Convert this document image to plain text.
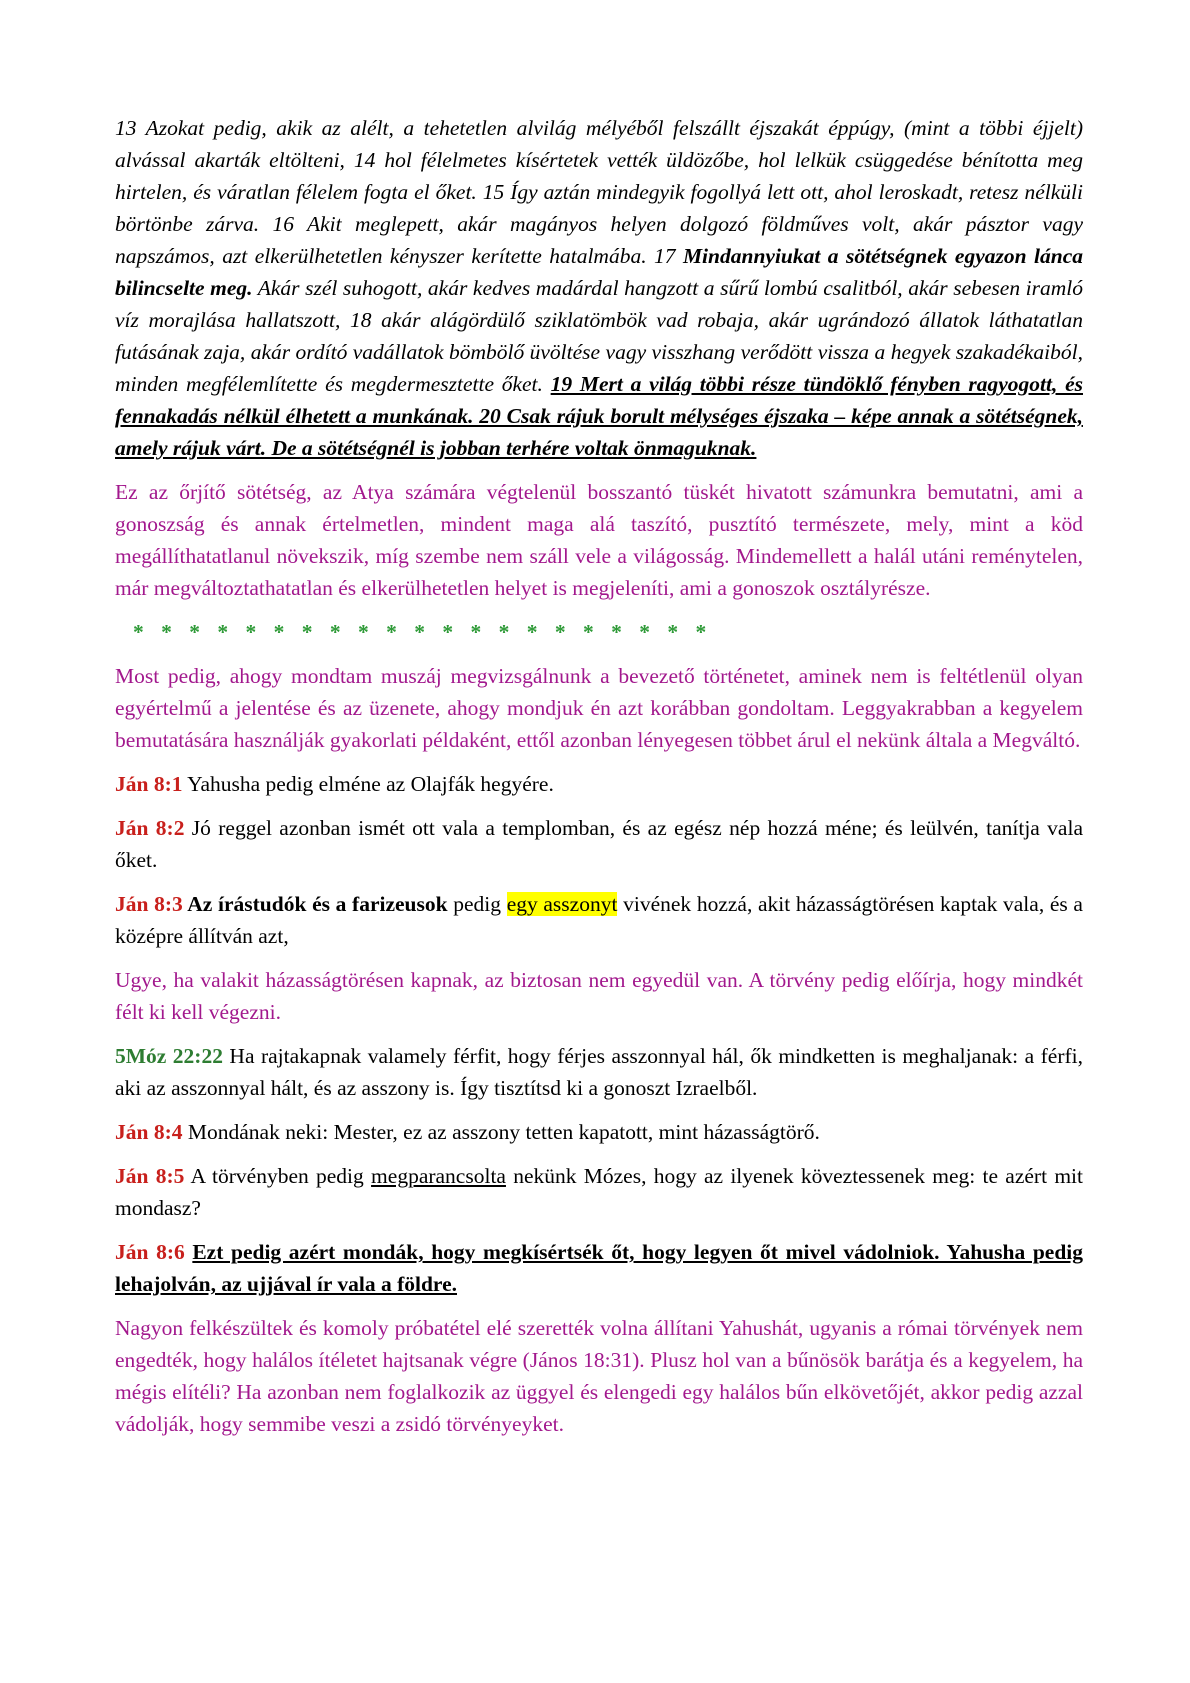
13 Azokat pedig, akik az alélt, a tehetetlen alvilág mélyéből felszállt éjszakát éppúgy, (mint a többi éjjelt) alvással akarták eltölteni, 14 hol félelmetes kísértetek vették üldözőbe, hol lelkük csüggedése bénította meg hirtelen, és váratlan félelem fogta el őket. 15 Így aztán mindegyik fogollyá lett ott, ahol leroskadt, retesz nélküli börtönbe zárva. 16 Akit meglepett, akár magányos helyen dolgozó földműves volt, akár pásztor vagy napszámos, azt elkerülhetetlen kényszer kerítette hatalmába. 17 Mindannyiukat a sötétségnek egyazon lánca bilincselte meg. Akár szél suhogott, akár kedves madárdal hangzott a sűrű lombú csalitból, akár sebesen iramló víz morajlása hallatszott, 18 akár alágördülő sziklatömbök vad robaja, akár ugrándozó állatok láthatatlan futásának zaja, akár ordító vadállatok bömbölő üvöltése vagy visszhang verődött vissza a hegyek szakadékaiból, minden megfélemlítette és megdermesztette őket. 19 Mert a világ többi része tündöklő fényben ragyogott, és fennakadás nélkül élhetett a munkának. 20 Csak rájuk borult mélységes éjszaka – képe annak a sötétségnek, amely rájuk várt. De a sötétségnél is jobban terhére voltak önmaguknak.

Ez az őrjítő sötétség, az Atya számára végtelenül bosszantó tüskét hivatott számunkra bemutatni, ami a gonoszság és annak értelmetlen, mindent maga alá taszító, pusztító természete, mely, mint a köd megállíthatatlanul növekszik, míg szembe nem száll vele a világosság. Mindemellett a halál utáni reménytelen, már megváltoztathatatlan és elkerülhetetlen helyet is megjeleníti, ami a gonoszok osztályrésze.

* * * * * * * * * * * * * * * * * * * * *

Most pedig, ahogy mondtam muszáj megvizsgálnunk a bevezető történetet, aminek nem is feltétlenül olyan egyértelmű a jelentése és az üzenete, ahogy mondjuk én azt korábban gondoltam. Leggyakrabban a kegyelem bemutatására használják gyakorlati példaként, ettől azonban lényegesen többet árul el nekünk általa a Megváltó.

Ján 8:1 Yahusha pedig elméne az Olajfák hegyére.

Ján 8:2 Jó reggel azonban ismét ott vala a templomban, és az egész nép hozzá méne; és leülvén, tanítja vala őket.

Ján 8:3 Az írástudók és a farizeusok pedig egy asszonyt vivének hozzá, akit házasságtörésen kaptak vala, és a középre állítván azt,

Ugye, ha valakit házasságtörésen kapnak, az biztosan nem egyedül van. A törvény pedig előírja, hogy mindkét félt ki kell végezni.

5Móz 22:22 Ha rajtakapnak valamely férfit, hogy férjes asszonnyal hál, ők mindketten is meghaljanak: a férfi, aki az asszonnyal hált, és az asszony is. Így tisztítsd ki a gonoszt Izraelből.

Ján 8:4 Mondának neki: Mester, ez az asszony tetten kapatott, mint házasságtörő.

Ján 8:5 A törvényben pedig megparancsolta nekünk Mózes, hogy az ilyenek köveztessenek meg: te azért mit mondasz?

Ján 8:6 Ezt pedig azért mondák, hogy megkísértsék őt, hogy legyen őt mivel vádolniok. Yahusha pedig lehajolván, az ujjával ír vala a földre.

Nagyon felkészültek és komoly próbatétel elé szerették volna állítani Yahushát, ugyanis a római törvények nem engedték, hogy halálos ítéletet hajtsanak végre (János 18:31). Plusz hol van a bűnösök barátja és a kegyelem, ha mégis elítéli? Ha azonban nem foglalkozik az üggyel és elengedi egy halálos bűn elkövetőjét, akkor pedig azzal vádolják, hogy semmibe veszi a zsidó törvényeyket.
